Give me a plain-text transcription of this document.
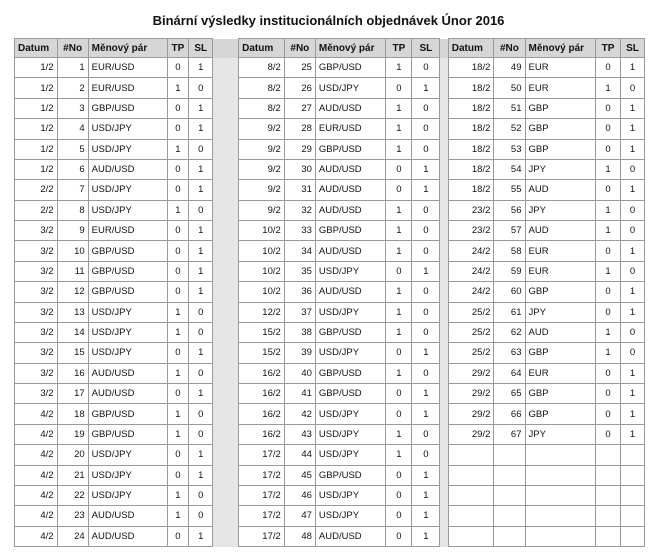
Binární výsledky institucionálních objednávek Únor 2016
Datum	#No	Měnový pár	TP	SL		Datum	#No	Měnový pár	TP	SL		Datum	#No	Měnový pár	TP	SL
1/2	1	EUR/USD	0	1		8/2	25	GBP/USD	1	0		18/2	49	EUR	0	1
1/2	2	EUR/USD	1	0		8/2	26	USD/JPY	0	1		18/2	50	EUR	1	0
1/2	3	GBP/USD	0	1		8/2	27	AUD/USD	1	0		18/2	51	GBP	0	1
1/2	4	USD/JPY	0	1		9/2	28	EUR/USD	1	0		18/2	52	GBP	0	1
1/2	5	USD/JPY	1	0		9/2	29	GBP/USD	1	0		18/2	53	GBP	0	1
1/2	6	AUD/USD	0	1		9/2	30	AUD/USD	0	1		18/2	54	JPY	1	0
2/2	7	USD/JPY	0	1		9/2	31	AUD/USD	0	1		18/2	55	AUD	0	1
2/2	8	USD/JPY	1	0		9/2	32	AUD/USD	1	0		23/2	56	JPY	1	0
3/2	9	EUR/USD	0	1		10/2	33	GBP/USD	1	0		23/2	57	AUD	1	0
3/2	10	GBP/USD	0	1		10/2	34	AUD/USD	1	0		24/2	58	EUR	0	1
3/2	11	GBP/USD	0	1		10/2	35	USD/JPY	0	1		24/2	59	EUR	1	0
3/2	12	GBP/USD	0	1		10/2	36	AUD/USD	1	0		24/2	60	GBP	0	1
3/2	13	USD/JPY	1	0		12/2	37	USD/JPY	1	0		25/2	61	JPY	0	1
3/2	14	USD/JPY	1	0		15/2	38	GBP/USD	1	0		25/2	62	AUD	1	0
3/2	15	USD/JPY	0	1		15/2	39	USD/JPY	0	1		25/2	63	GBP	1	0
3/2	16	AUD/USD	1	0		16/2	40	GBP/USD	1	0		29/2	64	EUR	0	1
3/2	17	AUD/USD	0	1		16/2	41	GBP/USD	0	1		29/2	65	GBP	0	1
4/2	18	GBP/USD	1	0		16/2	42	USD/JPY	0	1		29/2	66	GBP	0	1
4/2	19	GBP/USD	1	0		16/2	43	USD/JPY	1	0		29/2	67	JPY	0	1
4/2	20	USD/JPY	0	1		17/2	44	USD/JPY	1	0						
4/2	21	USD/JPY	0	1		17/2	45	GBP/USD	0	1						
4/2	22	USD/JPY	1	0		17/2	46	USD/JPY	0	1						
4/2	23	AUD/USD	1	0		17/2	47	USD/JPY	0	1						
4/2	24	AUD/USD	0	1		17/2	48	AUD/USD	0	1						
